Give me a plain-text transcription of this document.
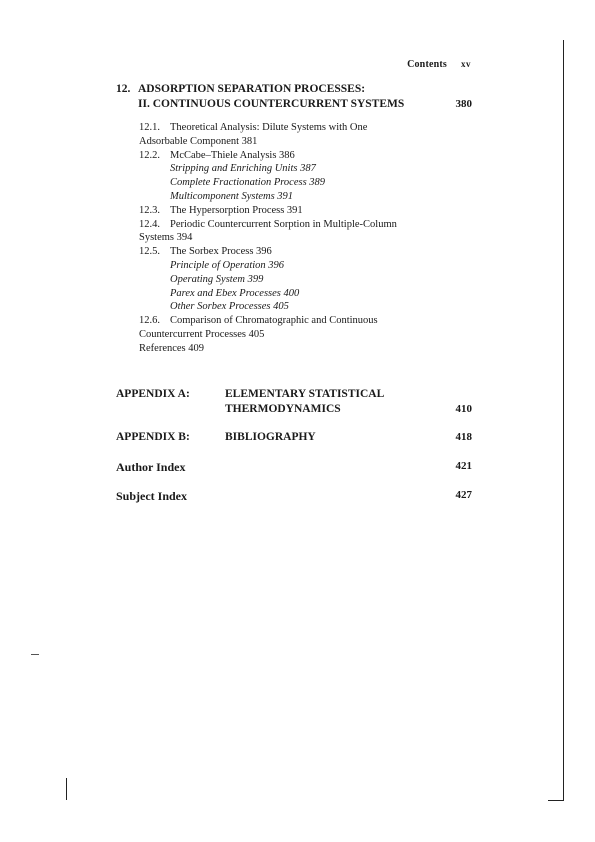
Contents xv
12. ADSORPTION SEPARATION PROCESSES:
II. CONTINUOUS COUNTERCURRENT SYSTEMS	380
12.1. Theoretical Analysis: Dilute Systems with One
Adsorbable Component 381
12.2. McCabe–Thiele Analysis 386
Stripping and Enriching Units 387
Complete Fractionation Process 389
Multicomponent Systems 391
12.3. The Hypersorption Process 391
12.4. Periodic Countercurrent Sorption in Multiple-Column
Systems 394
12.5. The Sorbex Process 396
Principle of Operation 396
Operating System 399
Parex and Ebex Processes 400
Other Sorbex Processes 405
12.6. Comparison of Chromatographic and Continuous
Countercurrent Processes 405
References 409
APPENDIX A:	ELEMENTARY STATISTICAL
THERMODYNAMICS	410
APPENDIX B:	BIBLIOGRAPHY	418
Author Index	421
Subject Index	427
